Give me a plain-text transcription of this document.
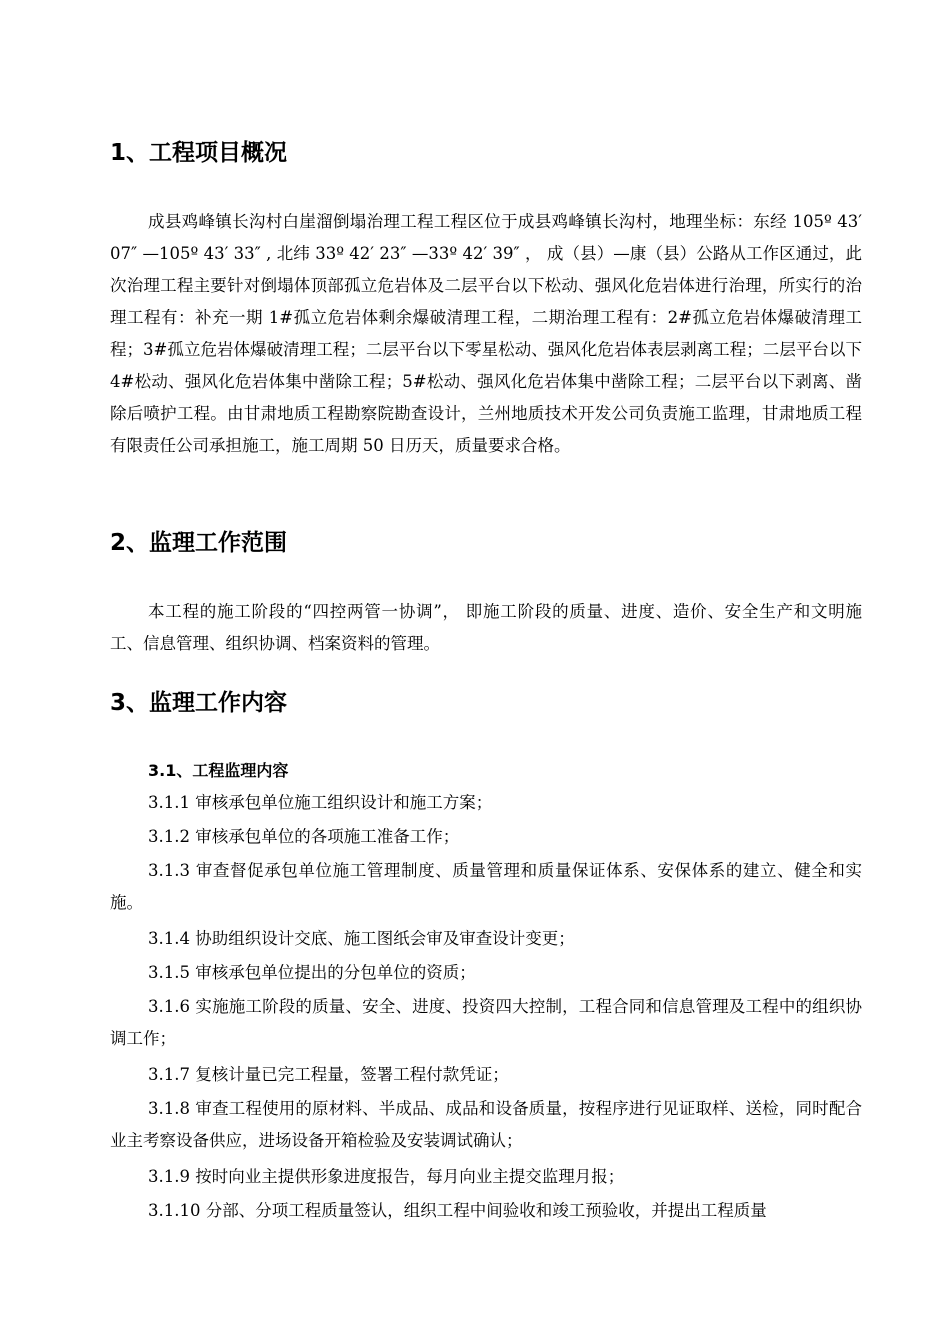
1、工程项目概况

成县鸡峰镇长沟村白崖溜倒塌治理工程工程区位于成县鸡峰镇长沟村，地理坐标：东经 105º 43′ 07″ —105º 43′ 33″ , 北纬 33º 42′ 23″ —33º 42′ 39″ ， 成（县）—康（县）公路从工作区通过，此次治理工程主要针对倒塌体顶部孤立危岩体及二层平台以下松动、强风化危岩体进行治理，所实行的治理工程有：补充一期 1#孤立危岩体剩余爆破清理工程，二期治理工程有：2#孤立危岩体爆破清理工程；3#孤立危岩体爆破清理工程；二层平台以下零星松动、强风化危岩体表层剥离工程；二层平台以下 4#松动、强风化危岩体集中凿除工程；5#松动、强风化危岩体集中凿除工程；二层平台以下剥离、凿除后喷护工程。由甘肃地质工程勘察院勘查设计，兰州地质技术开发公司负责施工监理，甘肃地质工程有限责任公司承担施工，施工周期 50 日历天，质量要求合格。

2、监理工作范围

本工程的施工阶段的“四控两管一协调”， 即施工阶段的质量、进度、造价、安全生产和文明施工、信息管理、组织协调、档案资料的管理。

3、监理工作内容
3.1、工程监理内容

3.1.1 审核承包单位施工组织设计和施工方案；

3.1.2 审核承包单位的各项施工准备工作；

3.1.3 审查督促承包单位施工管理制度、质量管理和质量保证体系、安保体系的建立、健全和实施。

3.1.4 协助组织设计交底、施工图纸会审及审查设计变更；

3.1.5 审核承包单位提出的分包单位的资质；

3.1.6 实施施工阶段的质量、安全、进度、投资四大控制，工程合同和信息管理及工程中的组织协调工作；

3.1.7 复核计量已完工程量，签署工程付款凭证；

3.1.8 审查工程使用的原材料、半成品、成品和设备质量，按程序进行见证取样、送检，同时配合业主考察设备供应，进场设备开箱检验及安装调试确认；

3.1.9 按时向业主提供形象进度报告，每月向业主提交监理月报；

3.1.10 分部、分项工程质量签认，组织工程中间验收和竣工预验收，并提出工程质量
